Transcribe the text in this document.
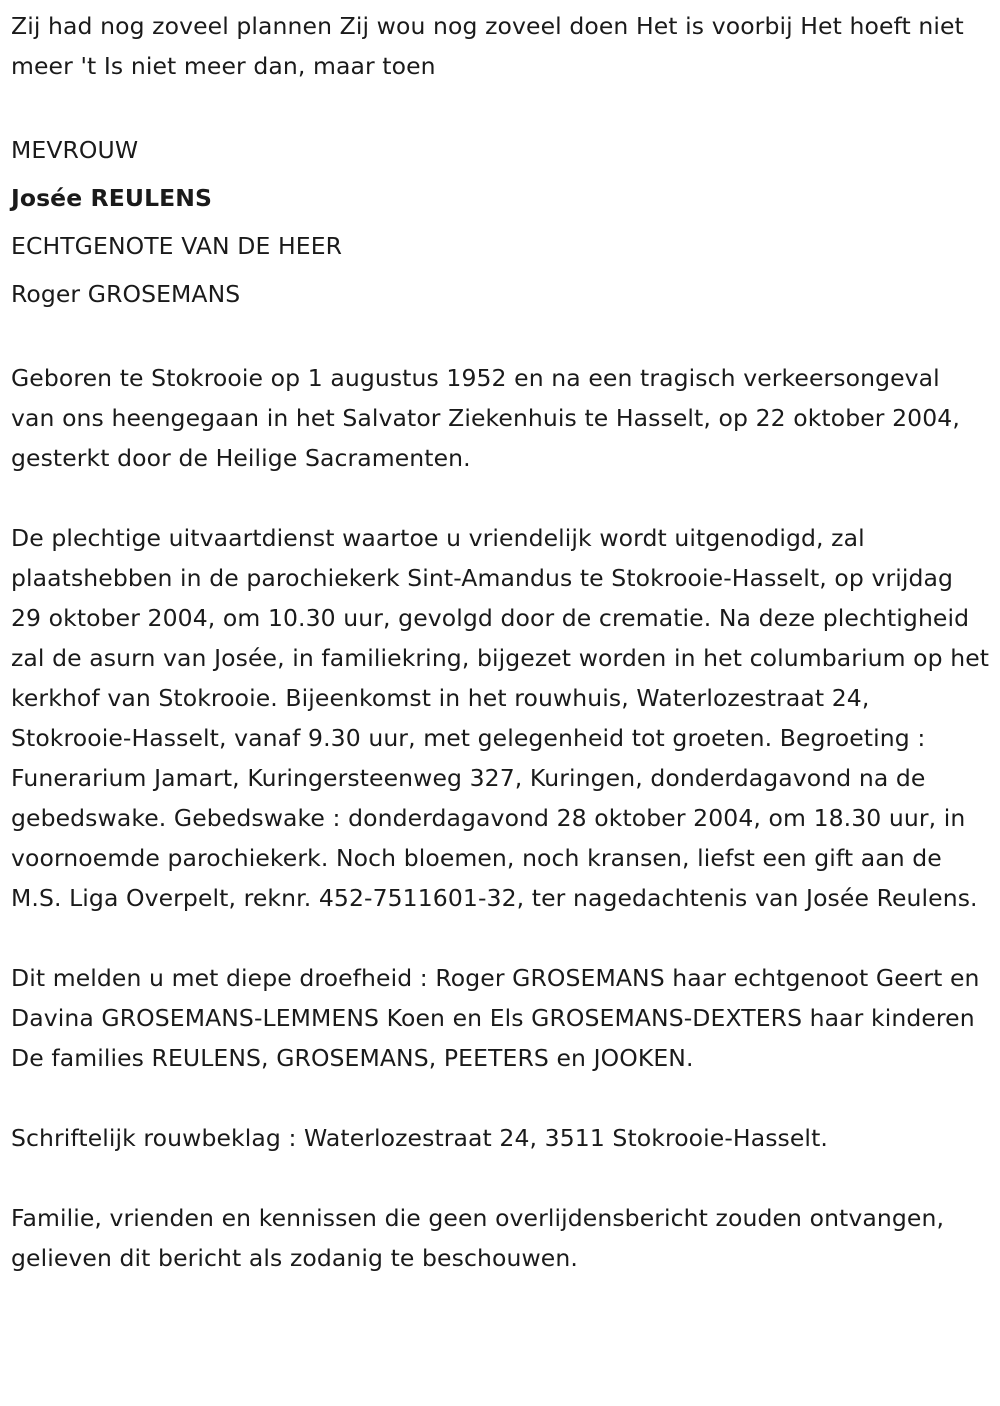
Zij had nog zoveel plannen Zij wou nog zoveel doen Het is voorbij Het hoeft niet meer 't Is niet meer dan, maar toen

MEVROUW
Josée REULENS
ECHTGENOTE VAN DE HEER
Roger GROSEMANS

Geboren te Stokrooie op 1 augustus 1952 en na een tragisch verkeersongeval van ons heengegaan in het Salvator Ziekenhuis te Hasselt, op 22 oktober 2004, gesterkt door de Heilige Sacramenten.

De plechtige uitvaartdienst waartoe u vriendelijk wordt uitgenodigd, zal plaatshebben in de parochiekerk Sint-Amandus te Stokrooie-Hasselt, op vrijdag 29 oktober 2004, om 10.30 uur, gevolgd door de crematie. Na deze plechtigheid zal de asurn van Josée, in familiekring, bijgezet worden in het columbarium op het kerkhof van Stokrooie. Bijeenkomst in het rouwhuis, Waterlozestraat 24, Stokrooie-Hasselt, vanaf 9.30 uur, met gelegenheid tot groeten. Begroeting : Funerarium Jamart, Kuringersteenweg 327, Kuringen, donderdagavond na de gebedswake. Gebedswake : donderdagavond 28 oktober 2004, om 18.30 uur, in voornoemde parochiekerk. Noch bloemen, noch kransen, liefst een gift aan de M.S. Liga Overpelt, reknr. 452-7511601-32, ter nagedachtenis van Josée Reulens.

Dit melden u met diepe droefheid : Roger GROSEMANS haar echtgenoot Geert en Davina GROSEMANS-LEMMENS Koen en Els GROSEMANS-DEXTERS haar kinderen De families REULENS, GROSEMANS, PEETERS en JOOKEN.

Schriftelijk rouwbeklag : Waterlozestraat 24, 3511 Stokrooie-Hasselt.

Familie, vrienden en kennissen die geen overlijdensbericht zouden ontvangen, gelieven dit bericht als zodanig te beschouwen.
